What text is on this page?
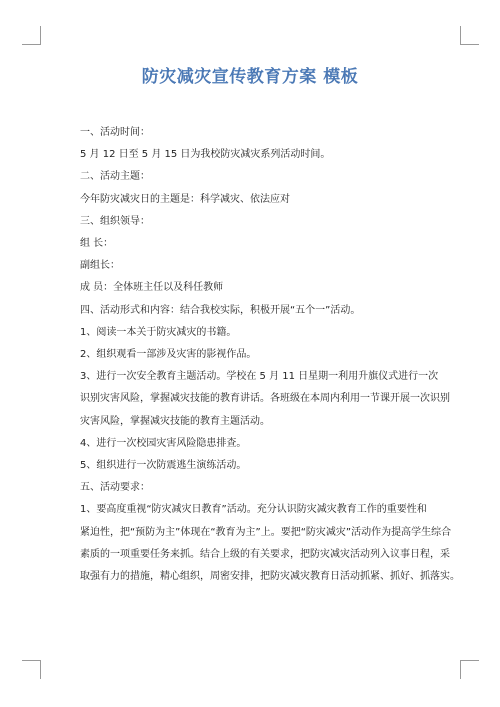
防灾减灾宣传教育方案 模板

一、活动时间：

5 月 12 日至 5 月 15 日为我校防灾减灾系列活动时间。

二、活动主题：

今年防灾减灾日的主题是：科学减灾、依法应对

三、组织领导：

组 长：

副组长：

成 员：全体班主任以及科任教师

四、活动形式和内容：结合我校实际，积极开展“五个一”活动。

1、阅读一本关于防灾减灾的书籍。

2、组织观看一部涉及灾害的影视作品。

3、进行一次安全教育主题活动。学校在 5 月 11 日星期一利用升旗仪式进行一次

识别灾害风险，掌握减灾技能的教育讲话。各班级在本周内利用一节课开展一次识别

灾害风险，掌握减灾技能的教育主题活动。

4、进行一次校园灾害风险隐患排查。

5、组织进行一次防震逃生演练活动。

五、活动要求：

1、要高度重视“防灾减灾日教育”活动。充分认识防灾减灾教育工作的重要性和

紧迫性，把“预防为主”体现在“教育为主”上。要把“防灾减灾”活动作为提高学生综合

素质的一项重要任务来抓。结合上级的有关要求，把防灾减灾活动列入议事日程，采

取强有力的措施，精心组织，周密安排，把防灾减灾教育日活动抓紧、抓好、抓落实。
